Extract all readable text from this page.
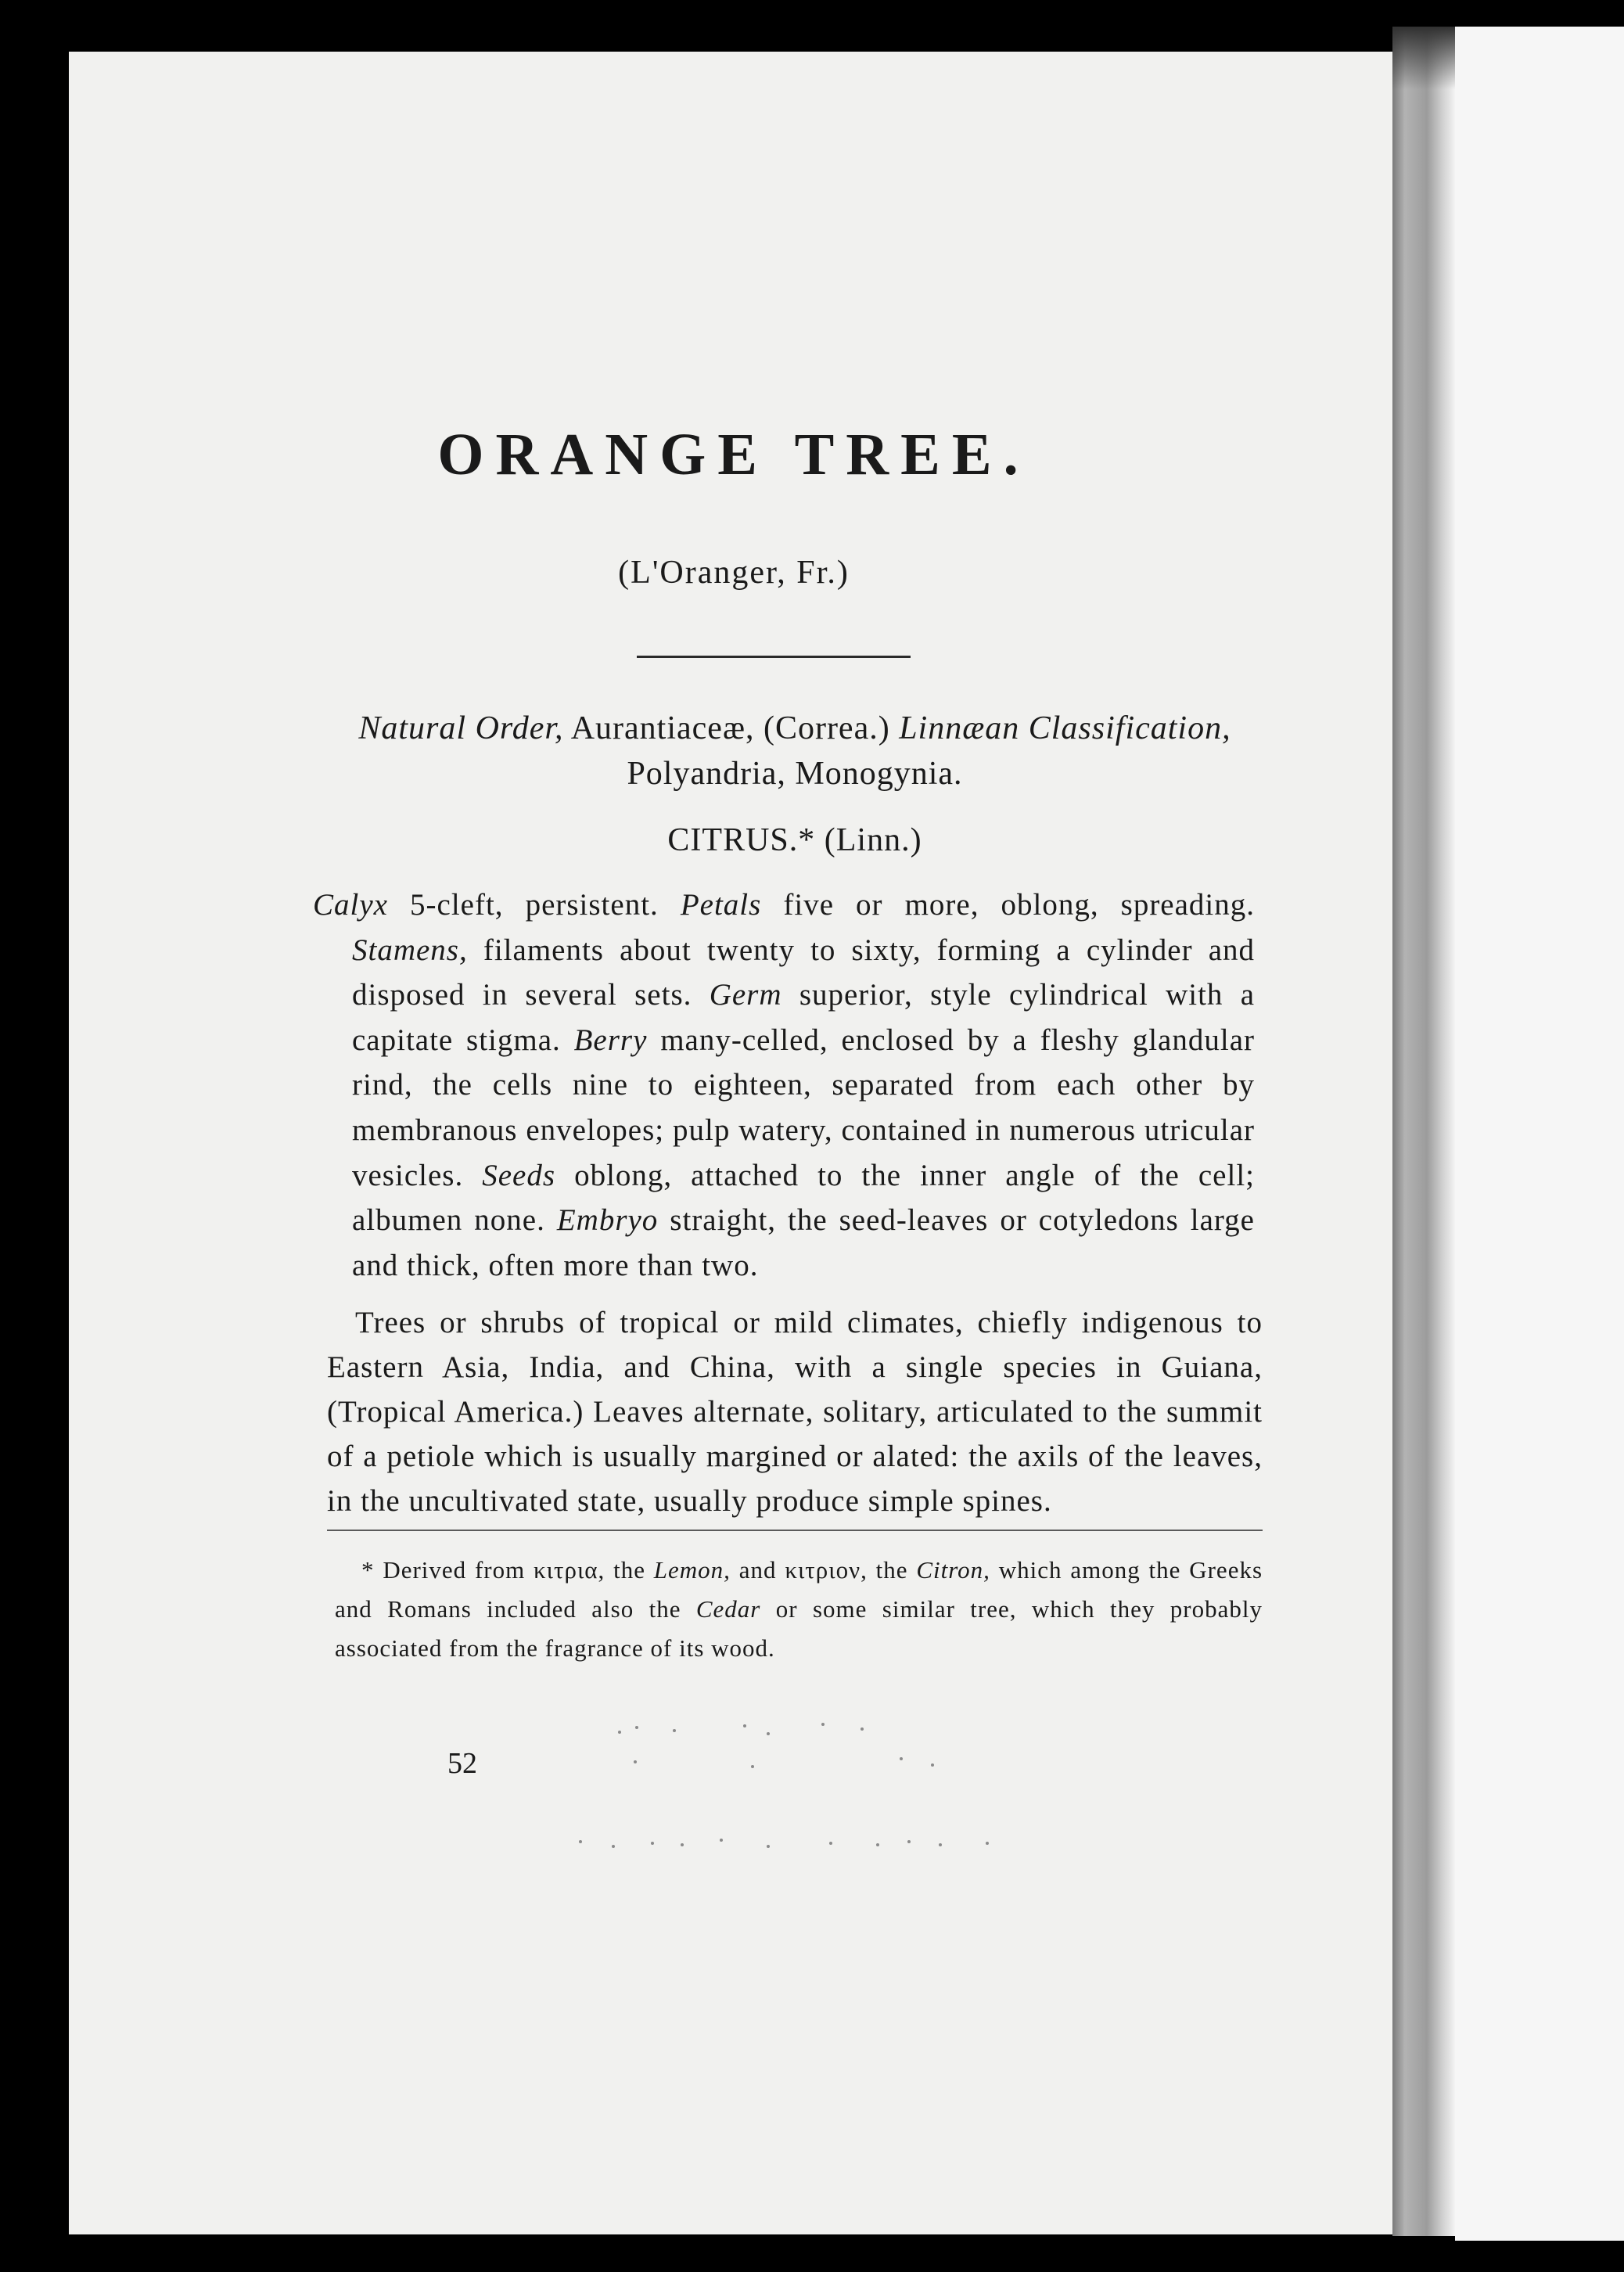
ORANGE TREE.
(L'Oranger, Fr.)
Natural Order, Aurantiaceæ, (Correa.) Linnæan Classification,
Polyandria, Monogynia.
CITRUS.* (Linn.)
Calyx 5-cleft, persistent. Petals five or more, oblong, spreading. Stamens, filaments about twenty to sixty, forming a cylinder and disposed in several sets. Germ superior, style cylindrical with a capitate stigma. Berry many-celled, enclosed by a fleshy glandular rind, the cells nine to eighteen, separated from each other by membranous envelopes; pulp watery, contained in numerous utricular vesicles. Seeds oblong, attached to the inner angle of the cell; albumen none. Embryo straight, the seed-leaves or cotyledons large and thick, often more than two.
Trees or shrubs of tropical or mild climates, chiefly indigenous to Eastern Asia, India, and China, with a single species in Guiana, (Tropical America.) Leaves alternate, solitary, articulated to the summit of a petiole which is usually margined or alated: the axils of the leaves, in the uncultivated state, usually produce simple spines.
* Derived from κιτρια, the Lemon, and κιτριον, the Citron, which among the Greeks and Romans included also the Cedar or some similar tree, which they probably associated from the fragrance of its wood.
52
